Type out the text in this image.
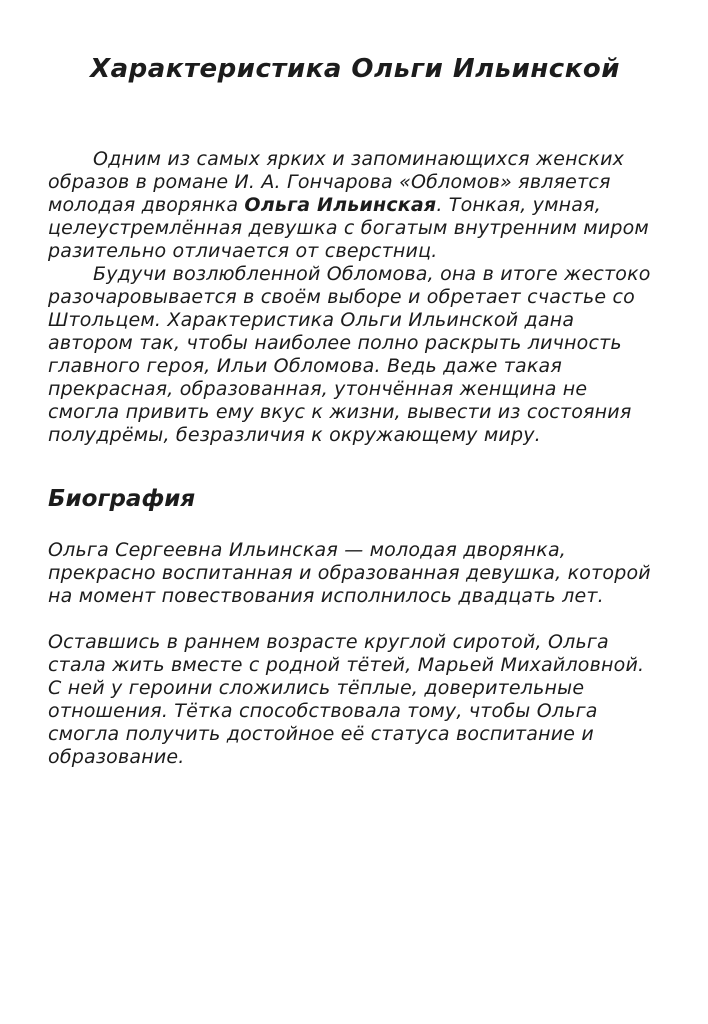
Характеристика Ольги Ильинской

Одним из самых ярких и запоминающихся женских образов в романе И. А. Гончарова «Обломов» является молодая дворянка Ольга Ильинская. Тонкая, умная, целеустремлённая девушка с богатым внутренним миром разительно отличается от сверстниц.

Будучи возлюбленной Обломова, она в итоге жестоко разочаровывается в своём выборе и обретает счастье со Штольцем. Характеристика Ольги Ильинской дана автором так, чтобы наиболее полно раскрыть личность главного героя, Ильи Обломова. Ведь даже такая прекрасная, образованная, утончённая женщина не смогла привить ему вкус к жизни, вывести из состояния полудрёмы, безразличия к окружающему миру.

Биография

Ольга Сергеевна Ильинская — молодая дворянка, прекрасно воспитанная и образованная девушка, которой на момент повествования исполнилось двадцать лет.

Оставшись в раннем возрасте круглой сиротой, Ольга стала жить вместе с родной тётей, Марьей Михайловной. С ней у героини сложились тёплые, доверительные отношения. Тётка способствовала тому, чтобы Ольга смогла получить достойное её статуса воспитание и образование.
